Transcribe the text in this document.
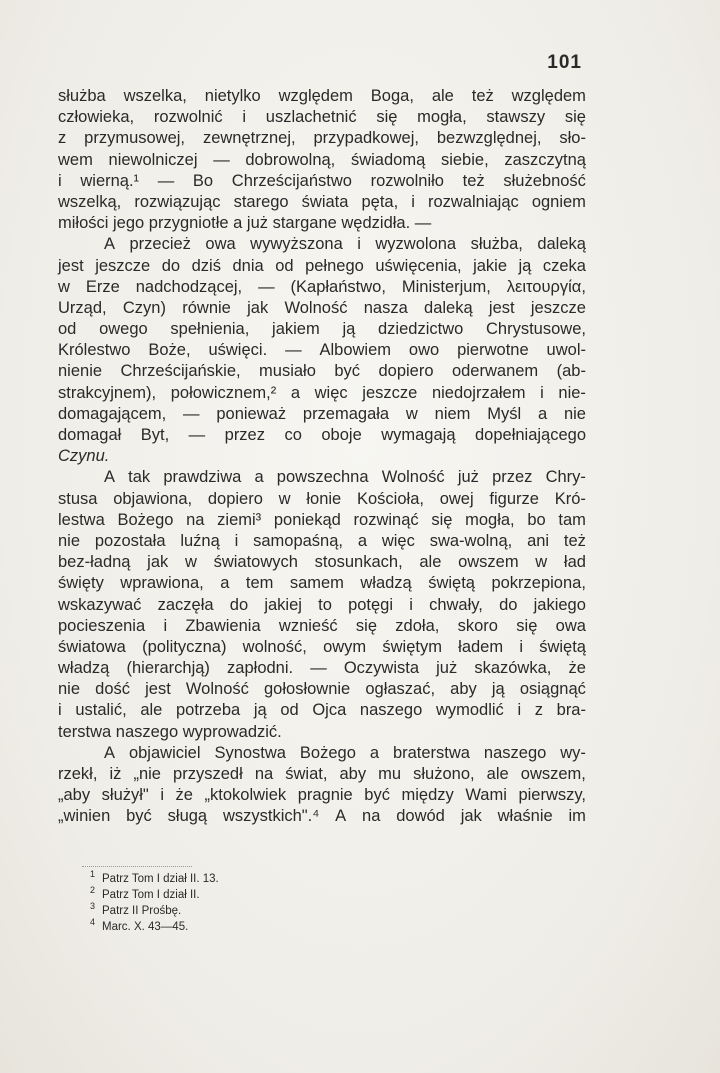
101
służba wszelka, nietylko względem Boga, ale też względem
człowieka, rozwolnić i uszlachetnić się mogła, stawszy się
z przymusowej, zewnętrznej, przypadkowej, bezwzględnej, sło-
wem niewolniczej — dobrowolną, świadomą siebie, zaszczytną
i wierną.¹ — Bo Chrześcijaństwo rozwolniło też służebność
wszelką, rozwiązując starego świata pęta, i rozwalniając ogniem
miłości jego przygniotłe a już stargane wędzidła. —
A przecież owa wywyższona i wyzwolona służba, daleką
jest jeszcze do dziś dnia od pełnego uświęcenia, jakie ją czeka
w Erze nadchodzącej, — (Kapłaństwo, Ministerjum, λειτουργία,
Urząd, Czyn) równie jak Wolność nasza daleką jest jeszcze
od owego spełnienia, jakiem ją dziedzictwo Chrystusowe,
Królestwo Boże, uświęci. — Albowiem owo pierwotne uwol-
nienie Chrześcijańskie, musiało być dopiero oderwanem (ab-
strakcyjnem), połowicznem,² a więc jeszcze niedojrzałem i nie-
domagającem, — ponieważ przemagała w niem Myśl a nie
domagał Byt, — przez co oboje wymagają dopełniającego
Czynu.
A tak prawdziwa a powszechna Wolność już przez Chry-
stusa objawiona, dopiero w łonie Kościoła, owej figurze Kró-
lestwa Bożego na ziemi³ poniekąd rozwinąć się mogła, bo tam
nie pozostała luźną i samopaśną, a więc swa-wolną, ani też
bez-ładną jak w światowych stosunkach, ale owszem w ład
święty wprawiona, a tem samem władzą świętą pokrzepiona,
wskazywać zaczęła do jakiej to potęgi i chwały, do jakiego
pocieszenia i Zbawienia wznieść się zdoła, skoro się owa
światowa (polityczna) wolność, owym świętym ładem i świętą
władzą (hierarchją) zapłodni. — Oczywista już skazówka, że
nie dość jest Wolność gołosłownie ogłaszać, aby ją osiągnąć
i ustalić, ale potrzeba ją od Ojca naszego wymodlić i z bra-
terstwa naszego wyprowadzić.
A objawiciel Synostwa Bożego a braterstwa naszego wy-
rzekł, iż „nie przyszedł na świat, aby mu służono, ale owszem,
„aby służył" i że „ktokolwiek pragnie być między Wami pierwszy,
„winien być sługą wszystkich".⁴ A na dowód jak właśnie im
1 Patrz Tom I dział II. 13.
2 Patrz Tom I dział II.
3 Patrz II Prośbę.
4 Marc. X. 43—45.
